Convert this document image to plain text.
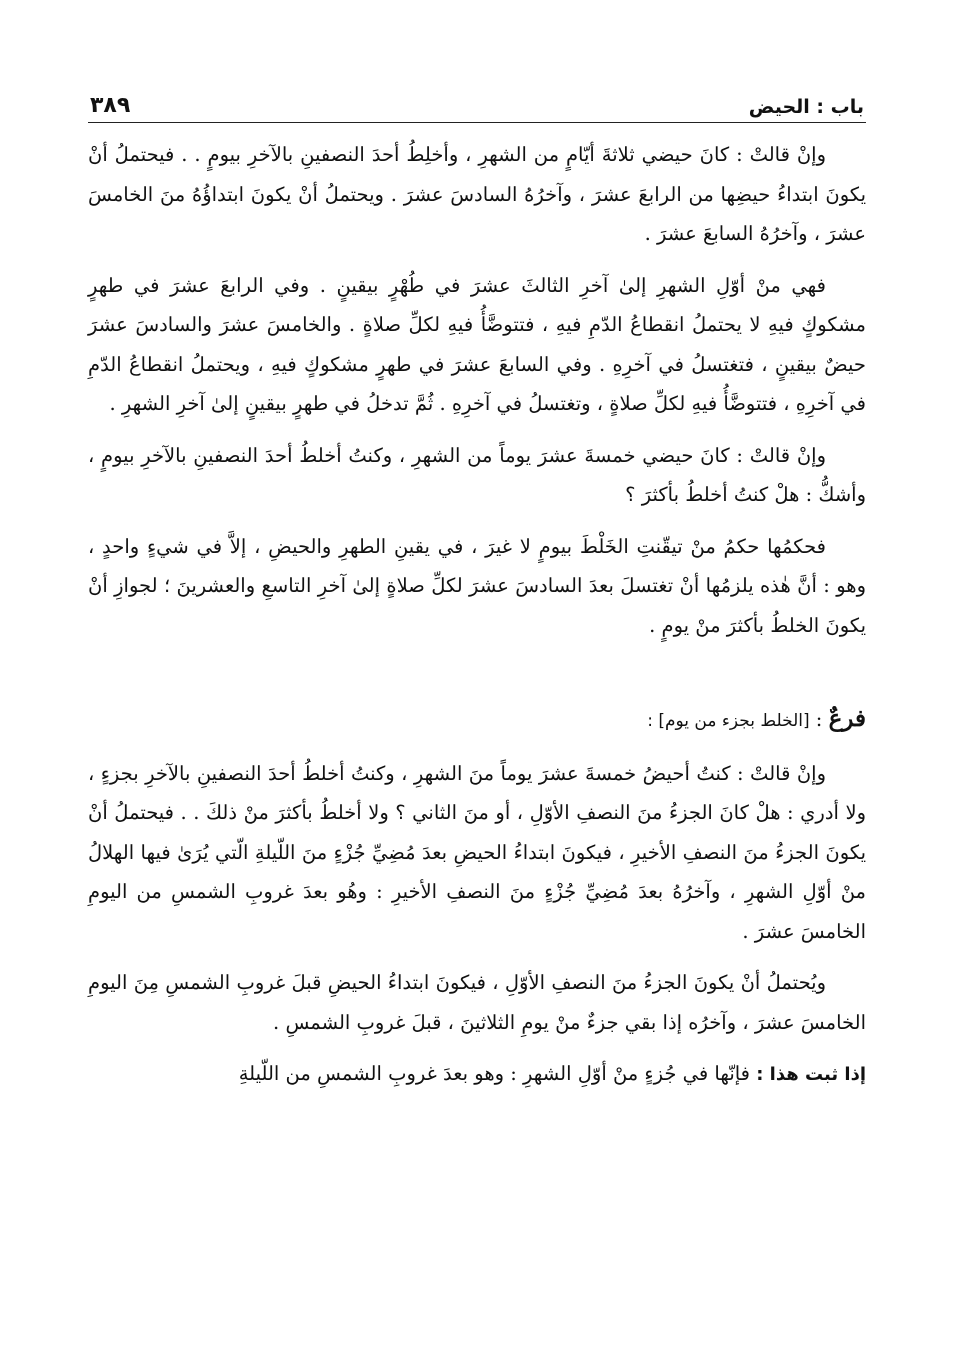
باب : الحيض
٣٨٩

وإنْ قالتْ : كانَ حيضي ثلاثةَ أيّامٍ من الشهرِ ، وأخلِطُ أحدَ النصفينِ بالآخرِ بيومٍ . . فيحتملُ أنْ يكونَ ابتداءُ حيضِها من الرابعَ عشرَ ، وآخرُهُ السادسَ عشرَ . ويحتملُ أنْ يكونَ ابتداؤُهُ منَ الخامسَ عشرَ ، وآخرُهُ السابعَ عشرَ .

فهي منْ أوّلِ الشهرِ إلىٰ آخرِ الثالثَ عشرَ في طُهْرٍ بيقينٍ . وفي الرابعَ عشرَ في طهرٍ مشكوكٍ فيهِ لا يحتملُ انقطاعُ الدّمِ فيهِ ، فتتوضَّأُ فيهِ لكلِّ صلاةٍ . والخامسَ عشرَ والسادسَ عشرَ حيضٌ بيقينٍ ، فتغتسلُ في آخرِهِ . وفي السابعَ عشرَ في طهرٍ مشكوكٍ فيهِ ، ويحتملُ انقطاعُ الدّمِ في آخرِهِ ، فتتوضَّأُ فيهِ لكلِّ صلاةٍ ، وتغتسلُ في آخرِهِ . ثُمَّ تدخلُ في طهرٍ بيقينٍ إلىٰ آخرِ الشهرِ .

وإنْ قالتْ : كانَ حيضي خمسةَ عشرَ يوماً من الشهرِ ، وكنتُ أخلطُ أحدَ النصفينِ بالآخرِ بيومٍ ، وأشكُّ : هلْ كنتُ أخلطُ بأكثرَ ؟

فحكمُها حكمُ منْ تيقّنتِ الخَلْطَ بيومٍ لا غيرَ ، في يقينِ الطهرِ والحيضِ ، إلاَّ في شيءٍ واحدٍ ، وهو : أنَّ هٰذه يلزمُها أنْ تغتسلَ بعدَ السادسَ عشرَ لكلِّ صلاةٍ إلىٰ آخرِ التاسعِ والعشرينَ ؛ لجوازِ أنْ يكونَ الخلطُ بأكثرَ منْ يومٍ .

فرعٌ : [الخلط بجزء من يوم] :

وإنْ قالتْ : كنتُ أحيضُ خمسةَ عشرَ يوماً منَ الشهرِ ، وكنتُ أخلطُ أحدَ النصفينِ بالآخرِ بجزءٍ ، ولا أدري : هلْ كانَ الجزءُ منَ النصفِ الأوّلِ ، أو منَ الثاني ؟ ولا أخلطُ بأكثرَ منْ ذلكَ . . فيحتملُ أنْ يكونَ الجزءُ منَ النصفِ الأخيرِ ، فيكونَ ابتداءُ الحيضِ بعدَ مُضِيِّ جُزْءٍ منَ اللّيلةِ الّتي يُرَىٰ فيها الهلالُ منْ أوّلِ الشهرِ ، وآخرُهُ بعدَ مُضِيِّ جُزْءٍ منَ النصفِ الأخيرِ : وهُو بعدَ غروبِ الشمسِ من اليومِ الخامسَ عشرَ .

ويُحتملُ أنْ يكونَ الجزءُ منَ النصفِ الأوّلِ ، فيكونَ ابتداءُ الحيضِ قبلَ غروبِ الشمسِ مِنَ اليومِ الخامسَ عشرَ ، وآخرُه إذا بقي جزءٌ منْ يومِ الثلاثينَ ، قبلَ غروبِ الشمسِ .

إذا ثبت هذا : فإنّها في جُزءٍ منْ أوّلِ الشهرِ : وهو بعدَ غروبِ الشمسِ من اللّيلةِ
